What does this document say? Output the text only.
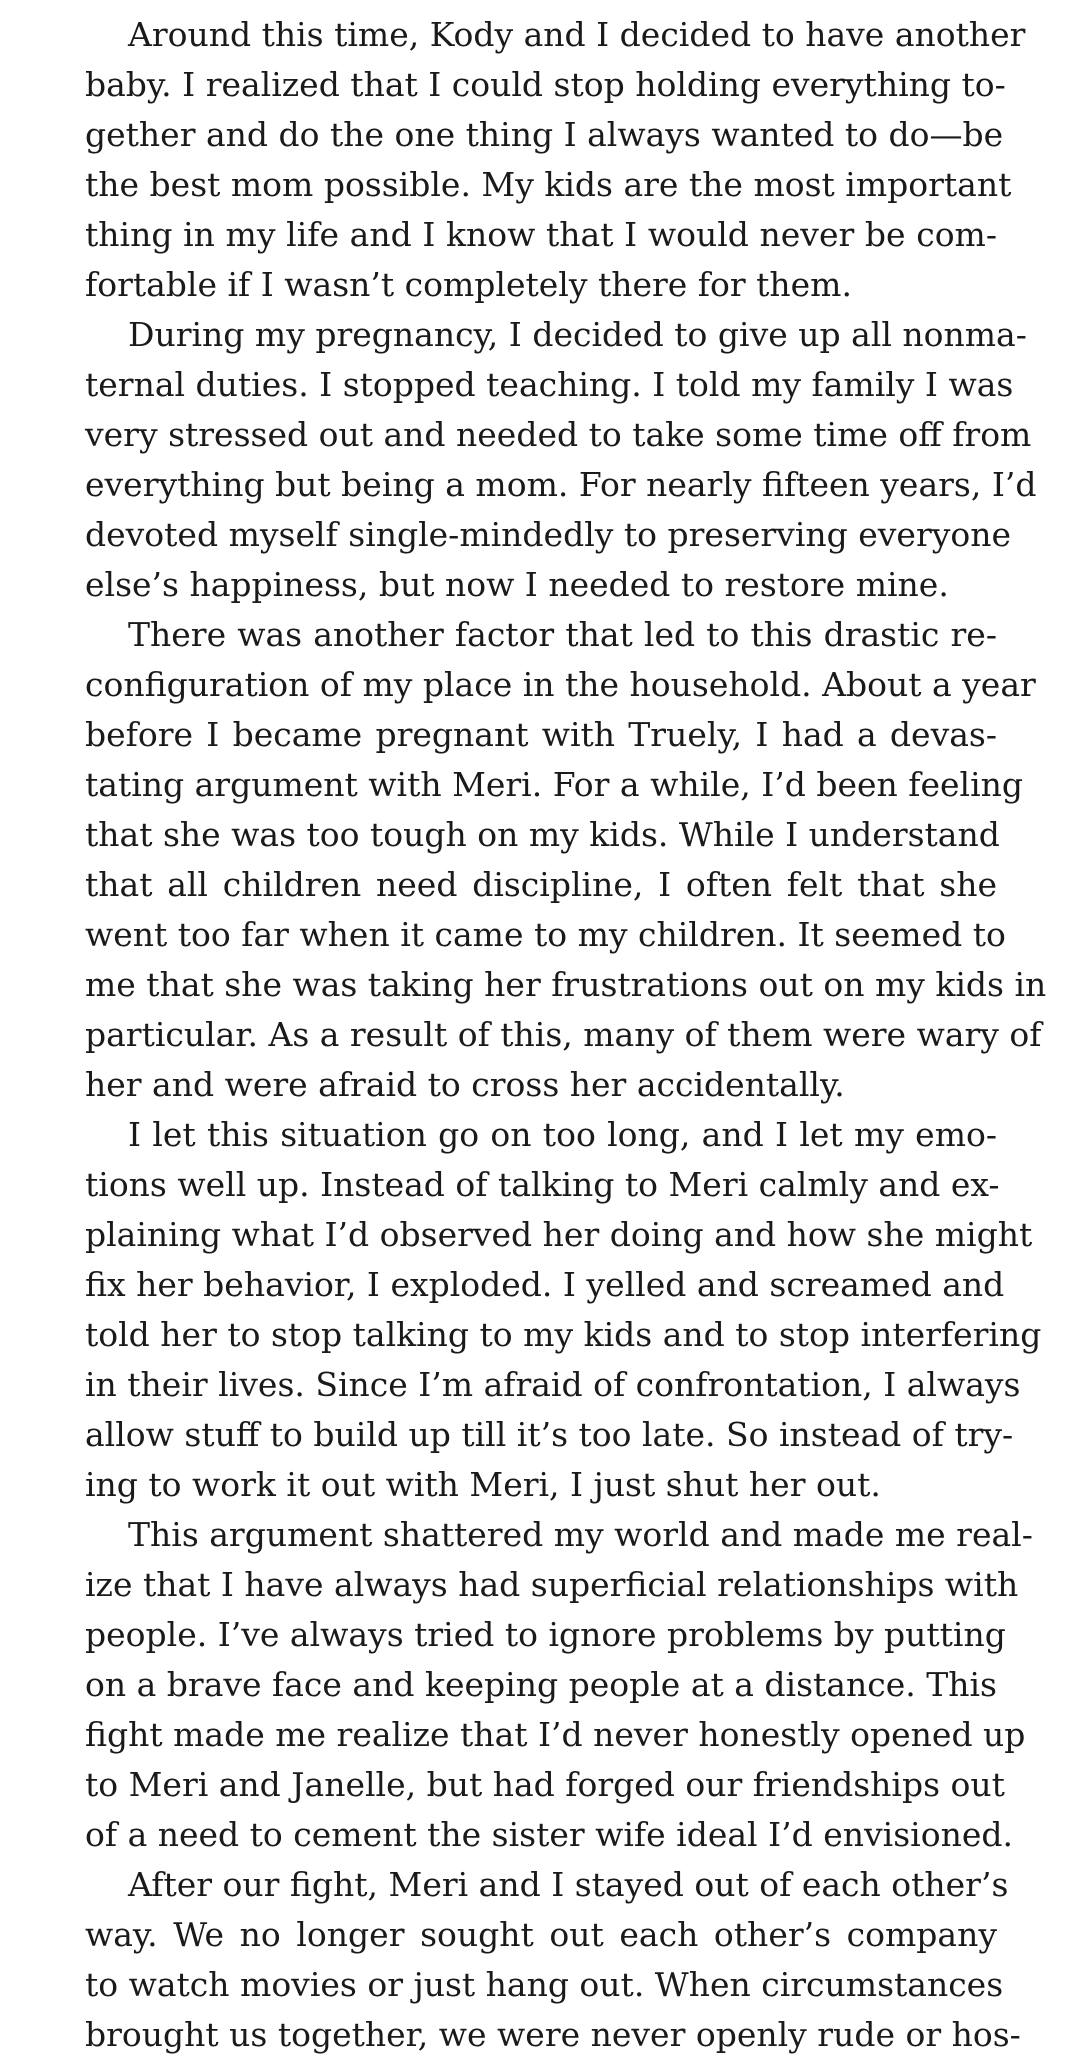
Around this time, Kody and I decided to have another
baby. I realized that I could stop holding everything to-
gether and do the one thing I always wanted to do—be
the best mom possible. My kids are the most important
thing in my life and I know that I would never be com-
fortable if I wasn’t completely there for them.
During my pregnancy, I decided to give up all nonma-
ternal duties. I stopped teaching. I told my family I was
very stressed out and needed to take some time off from
everything but being a mom. For nearly fifteen years, I’d
devoted myself single-mindedly to preserving everyone
else’s happiness, but now I needed to restore mine.
There was another factor that led to this drastic re-
configuration of my place in the household. About a year
before I became pregnant with Truely, I had a devas-
tating argument with Meri. For a while, I’d been feeling
that she was too tough on my kids. While I understand
that all children need discipline, I often felt that she
went too far when it came to my children. It seemed to
me that she was taking her frustrations out on my kids in
particular. As a result of this, many of them were wary of
her and were afraid to cross her accidentally.
I let this situation go on too long, and I let my emo-
tions well up. Instead of talking to Meri calmly and ex-
plaining what I’d observed her doing and how she might
fix her behavior, I exploded. I yelled and screamed and
told her to stop talking to my kids and to stop interfering
in their lives. Since I’m afraid of confrontation, I always
allow stuff to build up till it’s too late. So instead of try-
ing to work it out with Meri, I just shut her out.
This argument shattered my world and made me real-
ize that I have always had superficial relationships with
people. I’ve always tried to ignore problems by putting
on a brave face and keeping people at a distance. This
fight made me realize that I’d never honestly opened up
to Meri and Janelle, but had forged our friendships out
of a need to cement the sister wife ideal I’d envisioned.
After our fight, Meri and I stayed out of each other’s
way. We no longer sought out each other’s company
to watch movies or just hang out. When circumstances
brought us together, we were never openly rude or hos-
